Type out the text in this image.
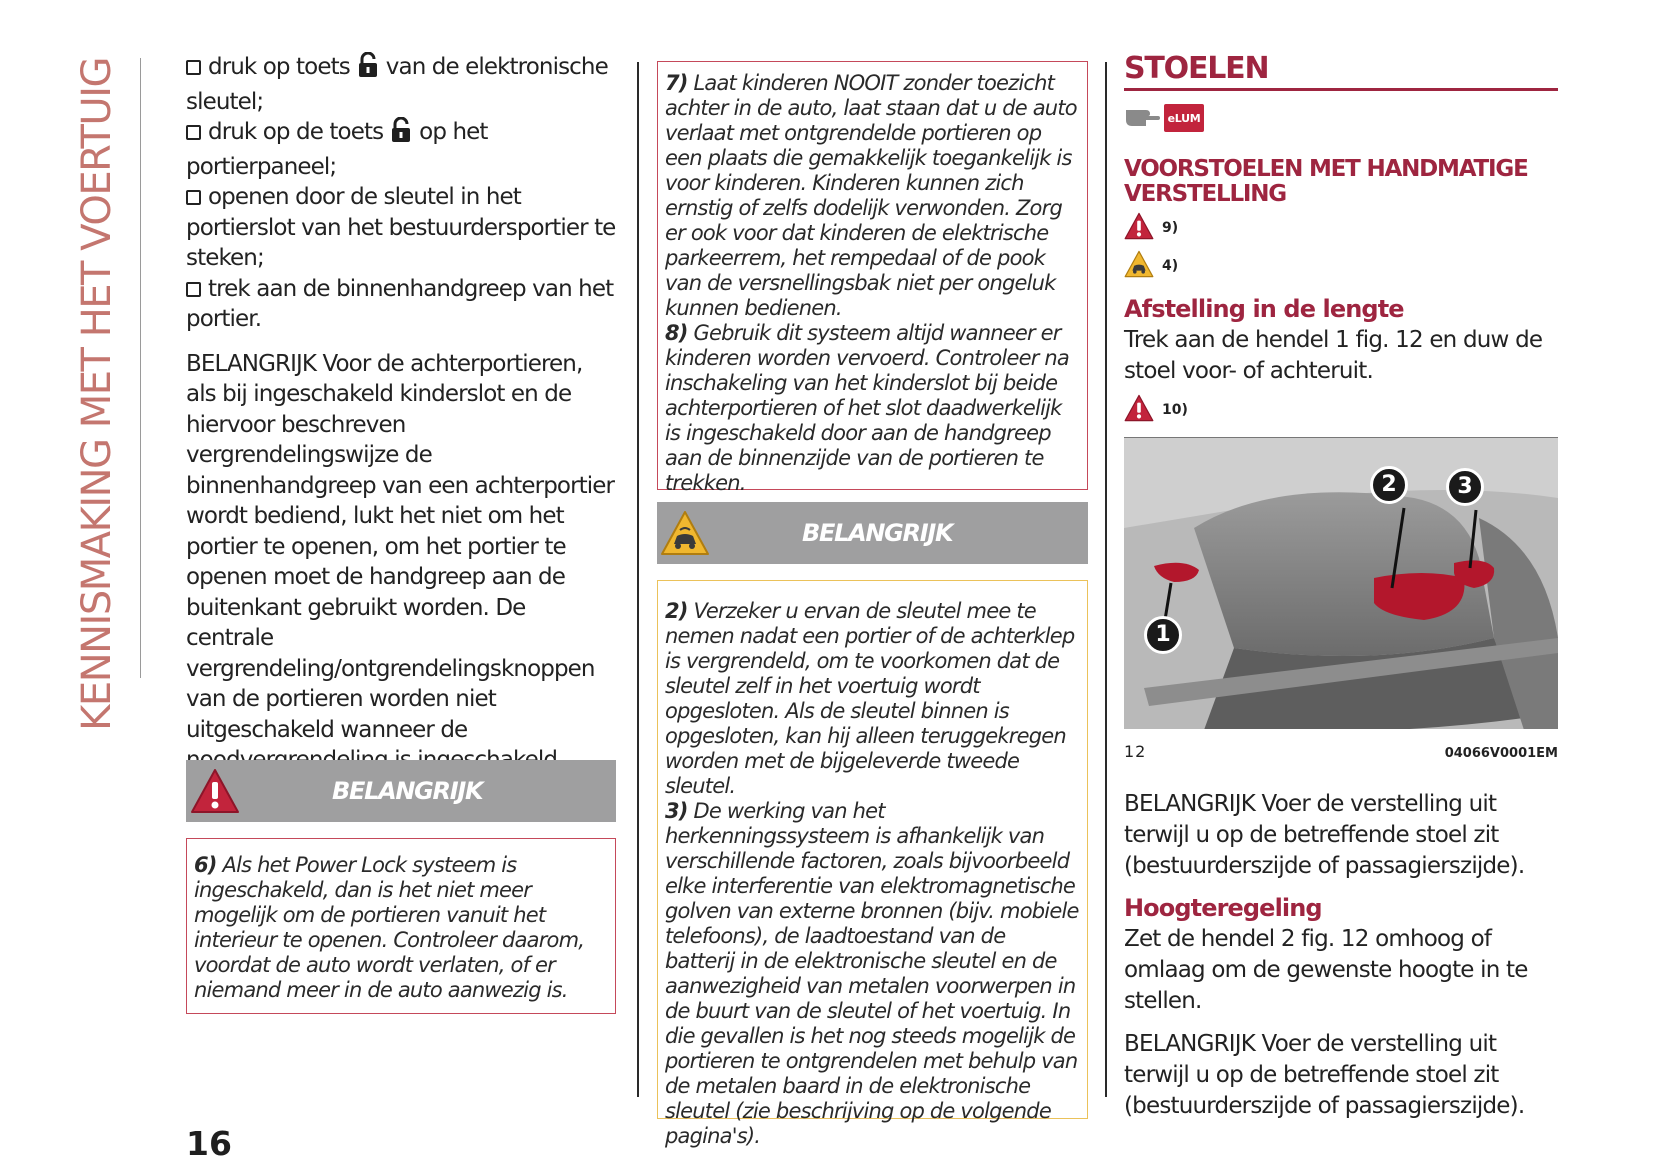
KENNISMAKING MET HET VOERTUIG	druk op toets van de elektronische sleutel;

druk op de toets op het portierpaneel;

openen door de sleutel in het portierslot van het bestuurdersportier te steken;

trek aan de binnenhandgreep van het portier.

BELANGRIJK Voor de achterportieren, als bij ingeschakeld kinderslot en de hiervoor beschreven vergrendelingswijze de binnenhandgreep van een achterportier wordt bediend, lukt het niet om het portier te openen, om het portier te openen moet de handgreep aan de buitenkant gebruikt worden. De centrale vergrendeling/ontgrendelingsknoppen van de portieren worden niet uitgeschakeld wanneer de

BELANGRIJK
6) Als het Power Lock systeem is ingeschakeld, dan is het niet meer mogelijk om de portieren vanuit het interieur te openen. Controleer daarom, voordat de auto wordt verlaten, of er niemand meer in de auto aanwezig is.
7) Laat kinderen NOOIT zonder toezicht achter in de auto, laat staan dat u de auto verlaat met ontgrendelde portieren op een plaats die gemakkelijk toegankelijk is voor kinderen. Kinderen kunnen zich ernstig of zelfs dodelijk verwonden. Zorg er ook voor dat kinderen de elektrische parkeerrem, het rempedaal of de pook van de versnellingsbak niet per ongeluk kunnen bedienen.
8) Gebruik dit systeem altijd wanneer er kinderen worden vervoerd. Controleer na inschakeling van het kinderslot bij beide achterportieren of het slot daadwerkelijk is ingeschakeld door aan de handgreep aan de binnenzijde van de portieren te trekken.
BELANGRIJK
2) Verzeker u ervan de sleutel mee te nemen nadat een portier of de achterklep is vergrendeld, om te voorkomen dat de sleutel zelf in het voertuig wordt opgesloten. Als de sleutel binnen is opgesloten, kan hij alleen teruggekregen worden met de bijgeleverde tweede sleutel.
3) De werking van het herkenningssysteem is afhankelijk van verschillende factoren, zoals bijvoorbeeld elke interferentie van elektromagnetische golven van externe bronnen (bijv. mobiele telefoons), de laadtoestand van de batterij in de elektronische sleutel en de aanwezigheid van metalen voorwerpen in de buurt van de sleutel of het voertuig. In die gevallen is het nog steeds mogelijk de portieren te ontgrendelen met behulp van de metalen baard in de elektronische sleutel (zie beschrijving op de volgende pagina's).
STOELEN
eLUM
VOORSTOELEN MET HANDMATIGE VERSTELLING
9)
4)
Afstelling in de lengte

Trek aan de hendel 1 fig. 12 en duw de stoel voor- of achteruit.

10)
1
2	3
12	04066V0001EM

BELANGRIJK Voer de verstelling uit terwijl u op de betreffende stoel zit (bestuurderszijde of passagierszijde).

Hoogteregeling

Zet de hendel 2 fig. 12 omhoog of omlaag om de gewenste hoogte in te stellen.

BELANGRIJK Voer de verstelling uit terwijl u op de betreffende stoel zit (bestuurderszijde of passagierszijde).

16
